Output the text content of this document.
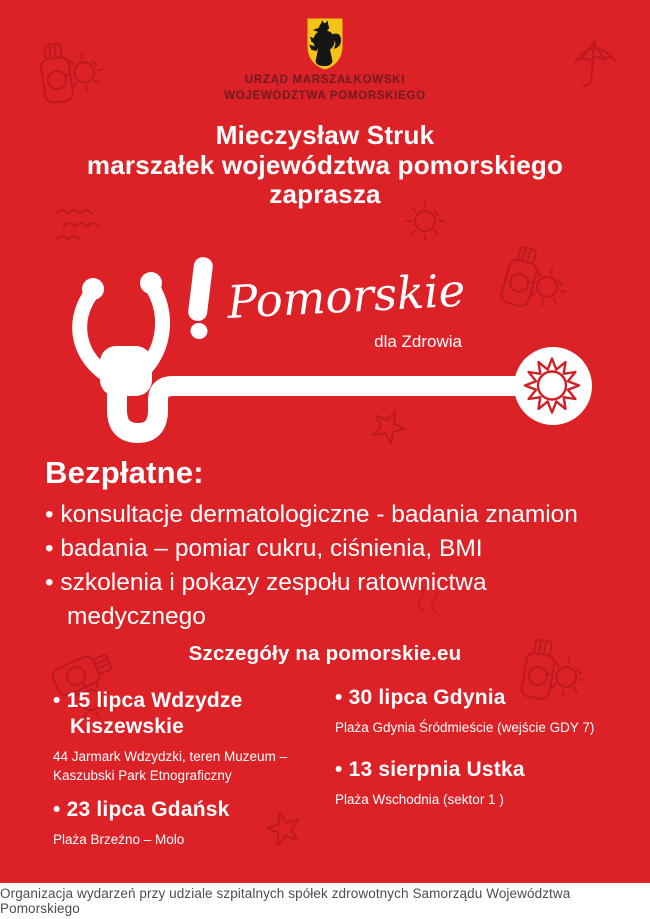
Pomorskie
dla Zdrowia
URZĄD MARSZAŁKOWSKI
WOJEWÓDZTWA POMORSKIEGO
Mieczysław Struk
marszałek województwa pomorskiego
zaprasza
Bezpłatne:
• konsultacje dermatologiczne - badania znamion
• badania – pomiar cukru, ciśnienia, BMI
• szkolenia i pokazy zespołu ratownictwa medycznego
Szczegóły na pomorskie.eu
• 15 lipca Wdzydze Kiszewskie
44 Jarmark Wdzydzki, teren Muzeum – Kaszubski Park Etnograficzny
• 23 lipca Gdańsk
Plaża Brzeźno – Molo
• 30 lipca Gdynia
Plaża Gdynia Śródmieście (wejście GDY 7)
• 13 sierpnia Ustka
Plaża Wschodnia (sektor 1 )
Organizacja wydarzeń przy udziale szpitalnych spółek zdrowotnych Samorządu Województwa Pomorskiego
